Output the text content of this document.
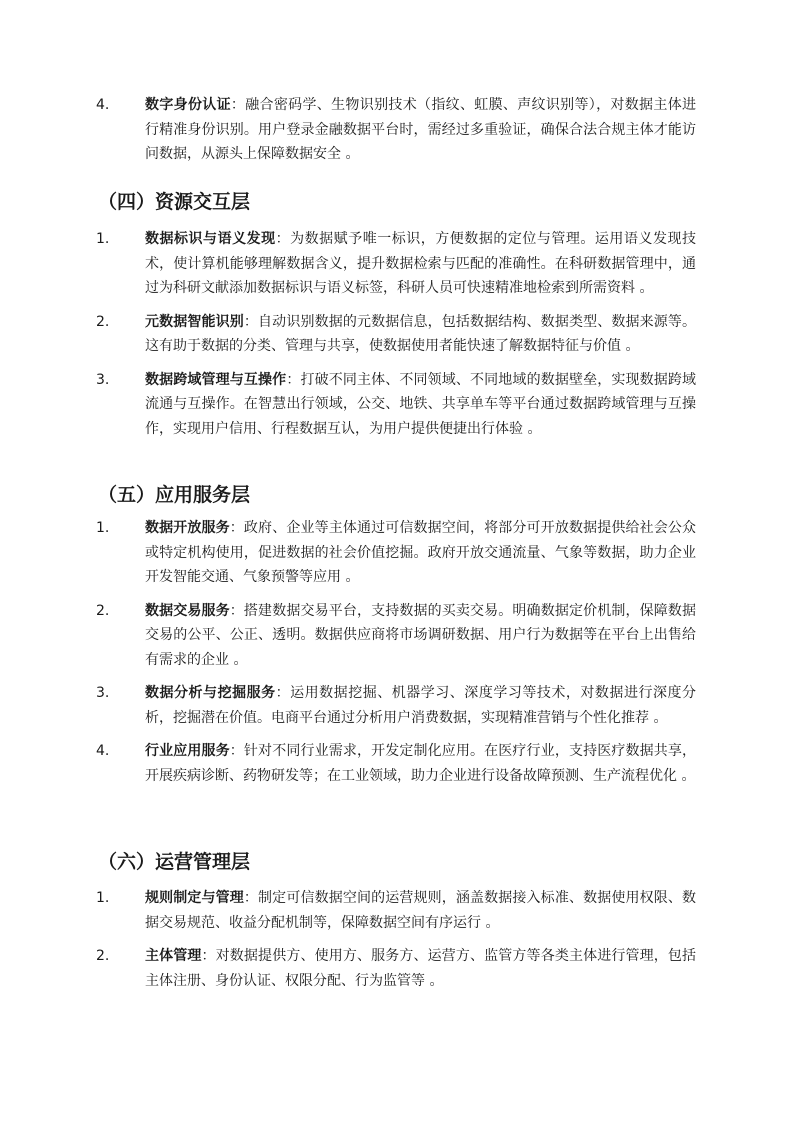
4.	数字身份认证：融合密码学、生物识别技术（指纹、虹膜、声纹识别等），对数据主体进行精准身份识别。用户登录金融数据平台时，需经过多重验证，确保合法合规主体才能访问数据，从源头上保障数据安全 。
（四）资源交互层
1.	数据标识与语义发现：为数据赋予唯一标识，方便数据的定位与管理。运用语义发现技术，使计算机能够理解数据含义，提升数据检索与匹配的准确性。在科研数据管理中，通过为科研文献添加数据标识与语义标签，科研人员可快速精准地检索到所需资料 。
2.	元数据智能识别：自动识别数据的元数据信息，包括数据结构、数据类型、数据来源等。这有助于数据的分类、管理与共享，使数据使用者能快速了解数据特征与价值 。
3.	数据跨域管理与互操作：打破不同主体、不同领域、不同地域的数据壁垒，实现数据跨域流通与互操作。在智慧出行领域，公交、地铁、共享单车等平台通过数据跨域管理与互操作，实现用户信用、行程数据互认，为用户提供便捷出行体验 。
（五）应用服务层
1.	数据开放服务：政府、企业等主体通过可信数据空间，将部分可开放数据提供给社会公众或特定机构使用，促进数据的社会价值挖掘。政府开放交通流量、气象等数据，助力企业开发智能交通、气象预警等应用 。
2.	数据交易服务：搭建数据交易平台，支持数据的买卖交易。明确数据定价机制，保障数据交易的公平、公正、透明。数据供应商将市场调研数据、用户行为数据等在平台上出售给有需求的企业 。
3.	数据分析与挖掘服务：运用数据挖掘、机器学习、深度学习等技术，对数据进行深度分析，挖掘潜在价值。电商平台通过分析用户消费数据，实现精准营销与个性化推荐 。
4.	行业应用服务：针对不同行业需求，开发定制化应用。在医疗行业，支持医疗数据共享，开展疾病诊断、药物研发等；在工业领域，助力企业进行设备故障预测、生产流程优化 。
（六）运营管理层
1.	规则制定与管理：制定可信数据空间的运营规则，涵盖数据接入标准、数据使用权限、数据交易规范、收益分配机制等，保障数据空间有序运行 。
2.	主体管理：对数据提供方、使用方、服务方、运营方、监管方等各类主体进行管理，包括主体注册、身份认证、权限分配、行为监管等 。
